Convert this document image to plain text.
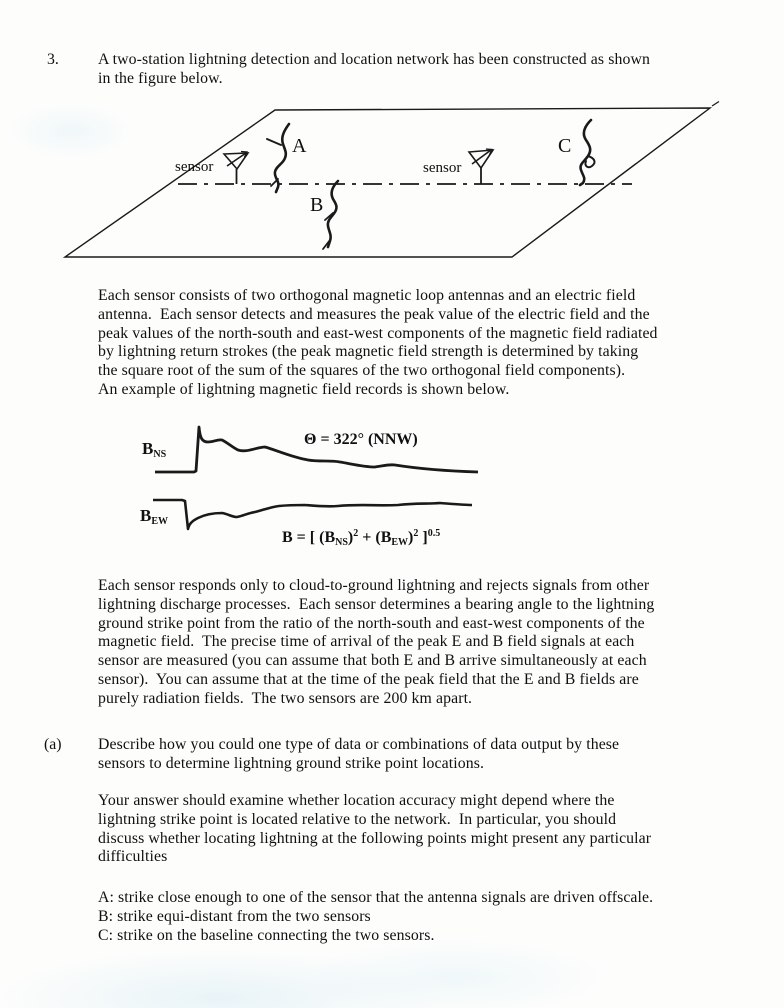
3. A two-station lightning detection and location network has been constructed as shown
in the figure below.
sensor	sensor
A
B
C
Each sensor consists of two orthogonal magnetic loop antennas and an electric field
antenna.  Each sensor detects and measures the peak value of the electric field and the
peak values of the north-south and east-west components of the magnetic field radiated
by lightning return strokes (the peak magnetic field strength is determined by taking
the square root of the sum of the squares of the two orthogonal field components).
An example of lightning magnetic field records is shown below.
$B_{NS}$
Θ = 322° (NNW)
$B_{EW}$
B = [ $(B_{NS})^2 + (B_{EW})^2$ ]$^{0.5}$
Each sensor responds only to cloud-to-ground lightning and rejects signals from other
lightning discharge processes.  Each sensor determines a bearing angle to the lightning
ground strike point from the ratio of the north-south and east-west components of the
magnetic field.  The precise time of arrival of the peak E and B field signals at each
sensor are measured (you can assume that both E and B arrive simultaneously at each
sensor).  You can assume that at the time of the peak field that the E and B fields are
purely radiation fields.  The two sensors are 200 km apart.
(a) Describe how you could one type of data or combinations of data output by these
sensors to determine lightning ground strike point locations.
Your answer should examine whether location accuracy might depend where the
lightning strike point is located relative to the network.  In particular, you should
discuss whether locating lightning at the following points might present any particular
difficulties
A: strike close enough to one of the sensor that the antenna signals are driven offscale.
B: strike equi-distant from the two sensors
C: strike on the baseline connecting the two sensors.
